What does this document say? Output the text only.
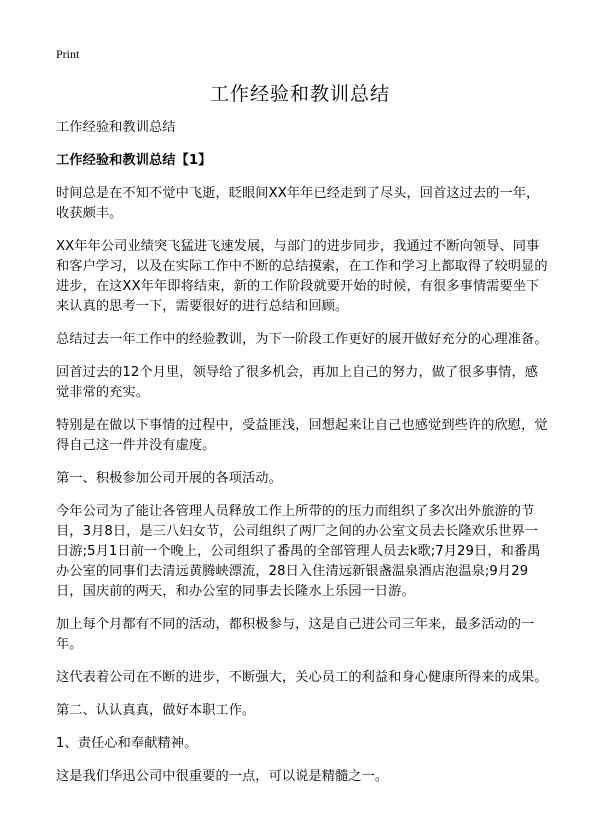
Print
工作经验和教训总结
工作经验和教训总结
工作经验和教训总结【1】
时间总是在不知不觉中飞逝，眨眼间XX年年已经走到了尽头，回首这过去的一年，收获颇丰。
XX年年公司业绩突飞猛进飞速发展，与部门的进步同步，我通过不断向领导、同事和客户学习，以及在实际工作中不断的总结摸索，在工作和学习上都取得了较明显的进步，在这XX年年即将结束，新的工作阶段就要开始的时候，有很多事情需要坐下来认真的思考一下，需要很好的进行总结和回顾。
总结过去一年工作中的经验教训，为下一阶段工作更好的展开做好充分的心理准备。
回首过去的12个月里，领导给了很多机会，再加上自己的努力，做了很多事情，感觉非常的充实。
特别是在做以下事情的过程中，受益匪浅，回想起来让自己也感觉到些许的欣慰，觉得自己这一件并没有虚度。
第一、积极参加公司开展的各项活动。
今年公司为了能让各管理人员释放工作上所带的的压力而组织了多次出外旅游的节目，3月8日，是三八妇女节，公司组织了两厂之间的办公室文员去长隆欢乐世界一日游;5月1日前一个晚上，公司组织了番禺的全部管理人员去k歌;7月29日，和番禺办公室的同事们去清远黄腾峡漂流，28日入住清远新银盏温泉酒店泡温泉;9月29日，国庆前的两天，和办公室的同事去长隆水上乐园一日游。
加上每个月都有不同的活动，都积极参与，这是自己进公司三年来，最多活动的一年。
这代表着公司在不断的进步，不断强大，关心员工的利益和身心健康所得来的成果。
第二、认认真真，做好本职工作。
1、责任心和奉献精神。
这是我们华迅公司中很重要的一点，可以说是精髓之一。
